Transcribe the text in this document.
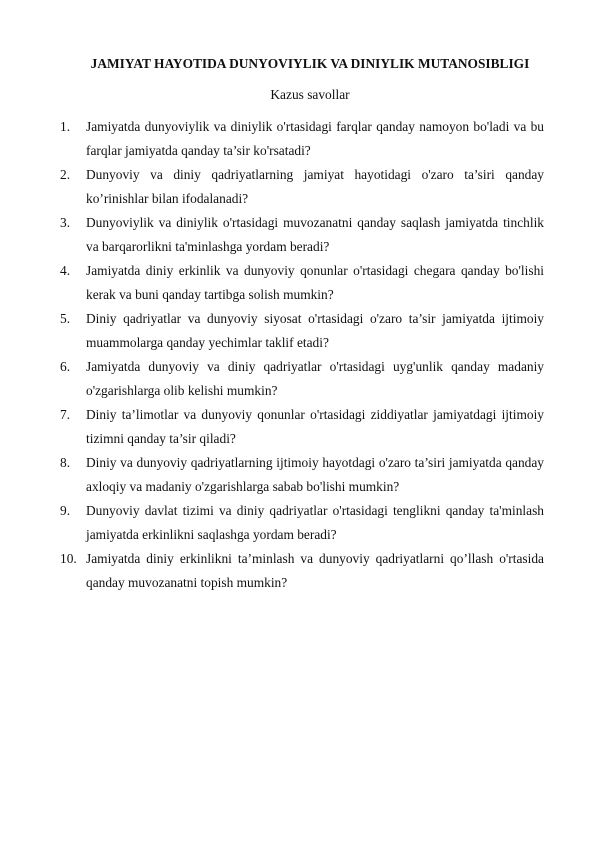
JAMIYAT HAYOTIDA DUNYOVIYLIK VA DINIYLIK MUTANOSIBLIGI
Kazus savollar
1.	Jamiyatda dunyoviylik va diniylik o'rtasidagi farqlar qanday namoyon bo'ladi va bu farqlar jamiyatda qanday ta’sir ko'rsatadi?
2.	Dunyoviy va diniy qadriyatlarning jamiyat hayotidagi o'zaro ta’siri qanday ko’rinishlar bilan ifodalanadi?
3.	Dunyoviylik va diniylik o'rtasidagi muvozanatni qanday saqlash jamiyatda tinchlik va barqarorlikni ta'minlashga yordam beradi?
4.	Jamiyatda diniy erkinlik va dunyoviy qonunlar o'rtasidagi chegara qanday bo'lishi kerak va buni qanday tartibga solish mumkin?
5.	Diniy qadriyatlar va dunyoviy siyosat o'rtasidagi o'zaro ta’sir jamiyatda ijtimoiy muammolarga qanday yechimlar taklif etadi?
6.	Jamiyatda dunyoviy va diniy qadriyatlar o'rtasidagi uyg'unlik qanday madaniy o'zgarishlarga olib kelishi mumkin?
7.	Diniy ta’limotlar va dunyoviy qonunlar o'rtasidagi ziddiyatlar jamiyatdagi ijtimoiy tizimni qanday ta’sir qiladi?
8.	Diniy va dunyoviy qadriyatlarning ijtimoiy hayotdagi o'zaro ta’siri jamiyatda qanday axloqiy va madaniy o'zgarishlarga sabab bo'lishi mumkin?
9.	Dunyoviy davlat tizimi va diniy qadriyatlar o'rtasidagi tenglikni qanday ta'minlash jamiyatda erkinlikni saqlashga yordam beradi?
10. Jamiyatda diniy erkinlikni ta’minlash va dunyoviy qadriyatlarni qo’llash o'rtasida qanday muvozanatni topish mumkin?
